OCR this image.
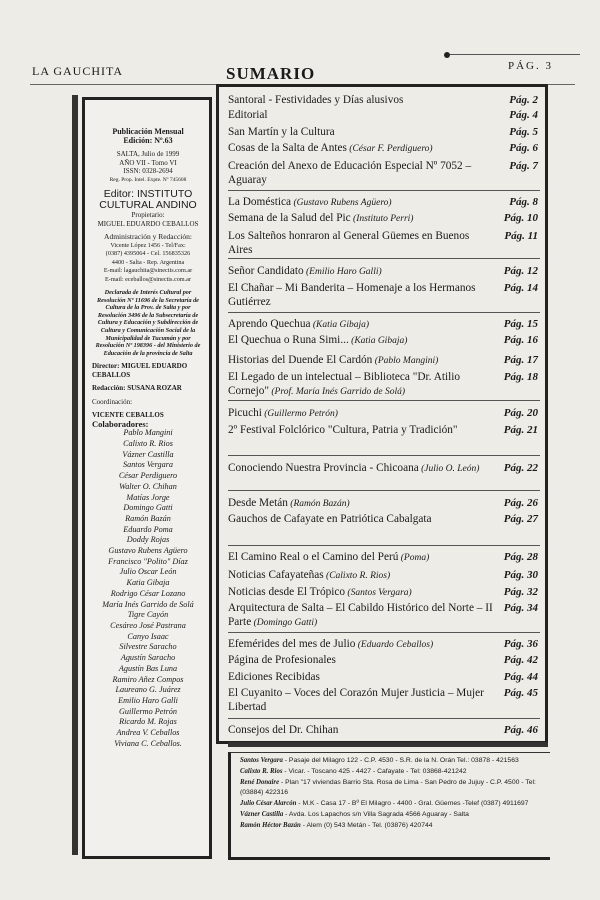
LA GAUCHITA	SUMARIO	PÁG. 3
Publicación Mensual
Edición: Nº.63
SALTA, Julio de 1999
AÑO VII - Tomo VI
ISSN: 0328-2694
Reg. Prop. Intel. Expte. Nº 745608
Editor: INSTITUTO CULTURAL ANDINO
Propietario:
MIGUEL EDUARDO CEBALLOS
Administración y Redacción:
Vicente López 1456 - Tel/Fax:
(0387) 4395064 - Cel. 156835326
4400 - Salta - Rep. Argentina
E-mail: lagauchita@sinectis.com.ar
E-mail: eceballos@sinectis.com.ar
Declarada de Interés Cultural por Resolución Nº 11696 de la Secretaría de Cultura de la Prov. de Salta y por Resolución 3496 de la Subsecretaría de Cultura y Educación y Subdirección de Cultura y Comunicación Social de la Municipalidad de Tucumán y por Resolución Nº 198396 - del Ministerio de Educación de la provincia de Salta
Director: MIGUEL EDUARDO CEBALLOS
Redacción: SUSANA ROZAR
Coordinación:
VICENTE CEBALLOS
Colaboradores:
Pablo Mangini
Calixto R. Rios
Vázner Castilla
Santos Vergara
César Perdiguero
Walter O. Chihan
Matías Jorge
Domingo Gatti
Ramón Bazán
Eduardo Poma
Doddy Rojas
Gustavo Rubens Agüero
Francisco "Polito" Díaz
Julio Oscar León
Katia Gibaja
Rodrigo César Lozano
María Inés Garrido de Solá
Tigre Cayón
Cesáreo José Pastrana
Canyo Isaac
Silvestre Saracho
Agustín Saracho
Agustín Bas Luna
Ramiro Añez Compos
Laureano G. Juárez
Emilio Haro Galli
Guillermo Petrón
Ricardo M. Rojas
Andrea V. Ceballos
Viviana C. Ceballos.
Santoral - Festividades y Días alusivos	Pág. 2
Editorial	Pág. 4
San Martín y la Cultura	Pág. 5
Cosas de la Salta de Antes (César F. Perdiguero)	Pág. 6
Creación del Anexo de Educación Especial Nº 7052 – Aguaray
Pág. 7
La Doméstica (Gustavo Rubens Agüero)	Pág. 8
Semana de la Salud del Pic (Instituto Perri)	Pág. 10
Los Salteños honraron al General Güemes en Buenos Aires
Pág. 11
Señor Candidato (Emilio Haro Galli)	Pág. 12
El Chañar – Mi Banderita – Homenaje a los Hermanos Gutiérrez
Pág. 14
Aprendo Quechua (Katia Gibaja)	Pág. 15
El Quechua o Runa Simi... (Katia Gibaja)	Pág. 16
Historias del Duende El Cardón (Pablo Mangini)	Pág. 17
El Legado de un intelectual – Biblioteca "Dr. Atilio Cornejo" (Prof. María Inés Garrido de Solá)
Pág. 18
Picuchi (Guillermo Petrón)	Pág. 20
2º Festival Folclórico "Cultura, Patria y Tradición"	Pág. 21
Conociendo Nuestra Provincia - Chicoana (Julio O. León)	Pág. 22
Desde Metán (Ramón Bazán)	Pág. 26
Gauchos de Cafayate en Patriótica Cabalgata	Pág. 27
El Camino Real o el Camino del Perú (Poma)	Pág. 28
Noticias Cafayateñas (Calixto R. Rios)	Pág. 30
Noticias desde El Trópico (Santos Vergara)	Pág. 32
Arquitectura de Salta – El Cabildo Histórico del Norte – II Parte (Domingo Gatti)
Pág. 34
Efemérides del mes de Julio (Eduardo Ceballos)	Pág. 36
Página de Profesionales	Pág. 42
Ediciones Recibidas	Pág. 44
El Cuyanito – Voces del Corazón Mujer Justicia – Mujer Libertad
Pág. 45
Consejos del Dr. Chihan	Pág. 46
Santos Vergara - Pasaje del Milagro 122 - C.P. 4530 - S.R. de la N. Orán Tel.: 03878 - 421563
Calixto R. Rios - Vicar. - Toscano 425 - 4427 - Cafayate - Tel: 03868-421242
René Donaire - Plan "17 viviendas Barrio Sta. Rosa de Lima - San Pedro de Jujuy - C.P. 4500 - Tel: (03884) 422316
Julio César Alarcón - M.K - Casa 17 - Bº El Milagro - 4400 - Gral. Güemes -Telef (0387) 4911697
Vázner Castilla - Avda. Los Lapachos s/n Villa Sagrada 4566 Aguaray - Salta
Ramón Héctor Bazán - Alem (0) 543 Metán - Tel. (03876) 420744
